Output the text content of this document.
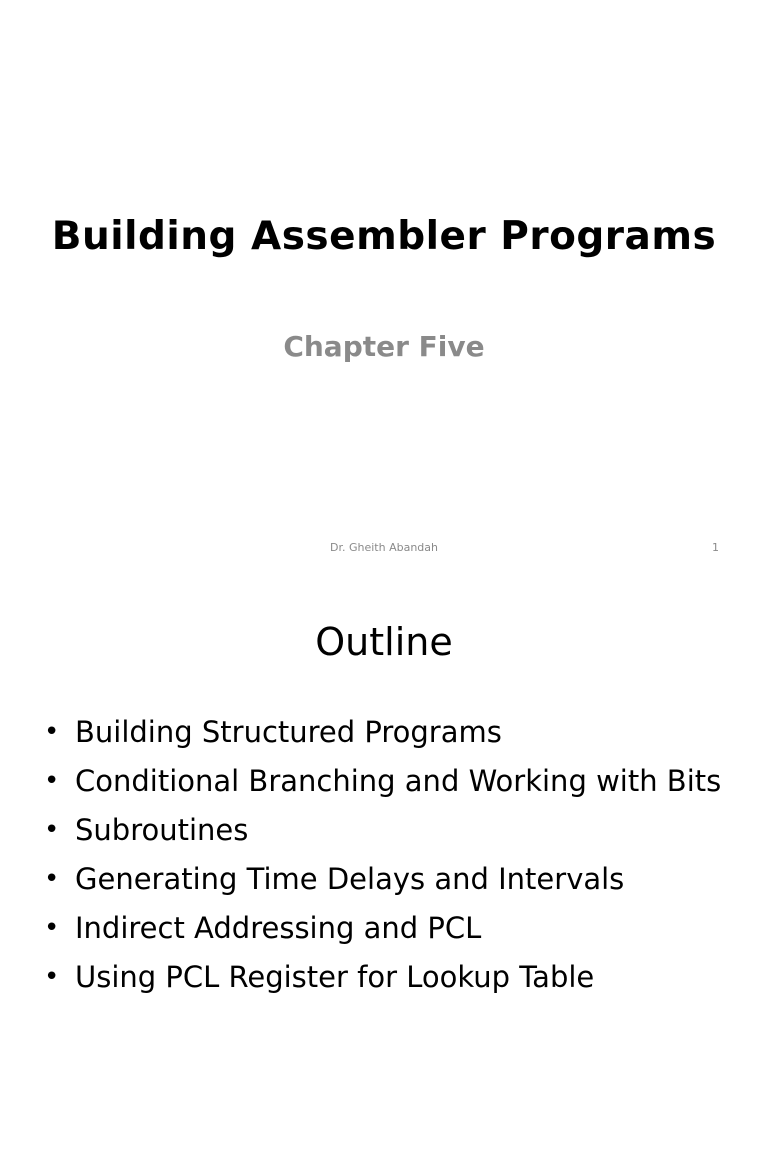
Building Assembler Programs
Chapter Five
Dr. Gheith Abandah	1
Outline
• Building Structured Programs
• Conditional Branching and Working with Bits
• Subroutines
• Generating Time Delays and Intervals
• Indirect Addressing and PCL
• Using PCL Register for Lookup Table
